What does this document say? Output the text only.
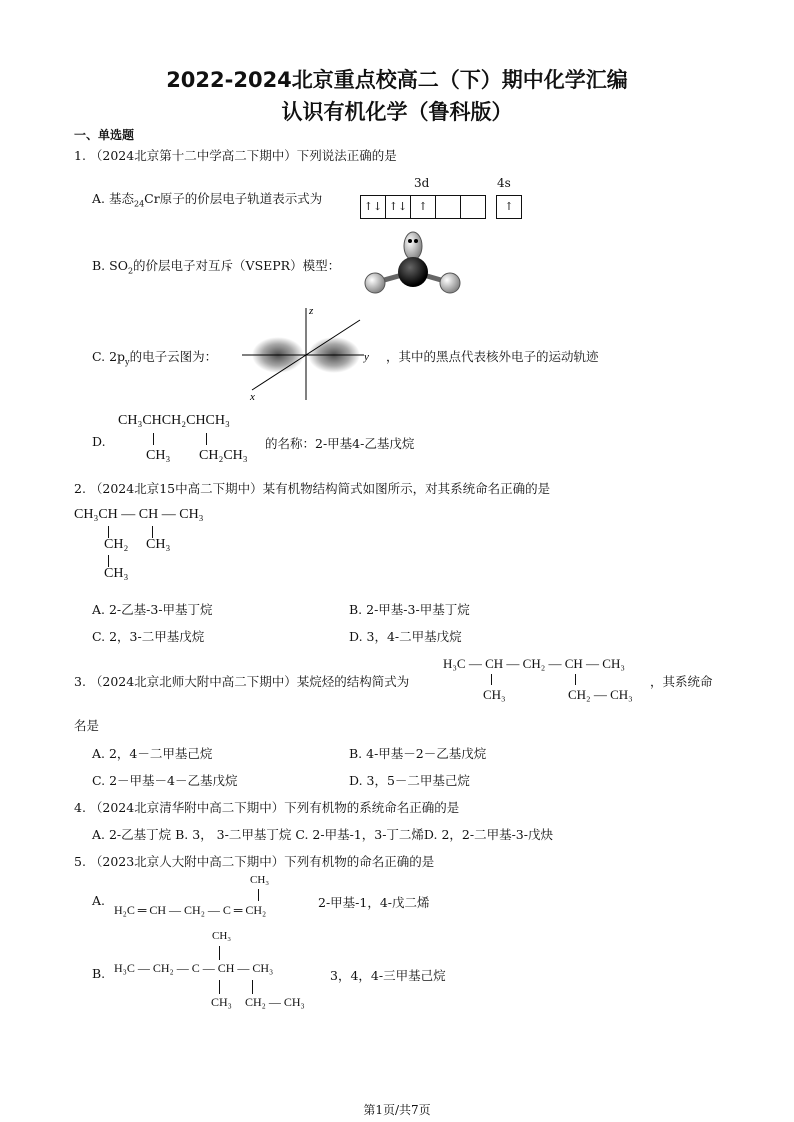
2022-2024北京重点校高二（下）期中化学汇编
认识有机化学（鲁科版）
一、单选题
1. （2024北京第十二中学高二下期中）下列说法正确的是
A. 基态$_{24}$Cr原子的价层电子轨道表示式为
3d	4s
↑↓ ↑↓	↑	↑
B. $SO_2$的价层电子对互斥（VSEPR）模型：
C. $2p_y$的电子云图为：
z
y
x
，其中的黑点代表核外电子的运动轨迹
D.
CH₃CHCH₂CHCH₃
CH₃ CH₂CH₃
的名称：2-甲基4-乙基戊烷
2. （2024北京15中高二下期中）某有机物结构简式如图所示，对其系统命名正确的是
CH₃CH — CH — CH₃
CH₂ CH₃
CH₃
A. 2-乙基-3-甲基丁烷	B. 2-甲基-3-甲基丁烷
C. 2，3-二甲基戊烷	D. 3，4-二甲基戊烷
3. （2024北京北师大附中高二下期中）某烷烃的结构简式为
H₃C — CH — CH₂ — CH — CH₃
CH₃	CH₂ — CH₃
，其系统命
名是
A. 2，4－二甲基己烷	B. 4-甲基－2－乙基戊烷
C. 2－甲基－4－乙基戊烷	D. 3，5－二甲基己烷
4. （2024北京清华附中高二下期中）下列有机物的系统命名正确的是
A. 2-乙基丁烷 B. 3， 3-二甲基丁烷 C. 2-甲基-1，3-丁二烯D. 2，2-二甲基-3-戊炔
5. （2023北京人大附中高二下期中）下列有机物的命名正确的是
A.
CH₃
H₂C ═ CH — CH₂ — C ═ CH₂	2-甲基-1，4-戊二烯
B.
CH₃
H₃C — CH₂ — C — CH — CH₃
CH₃ CH₂ — CH₃
3，4，4-三甲基己烷
第1页/共7页
